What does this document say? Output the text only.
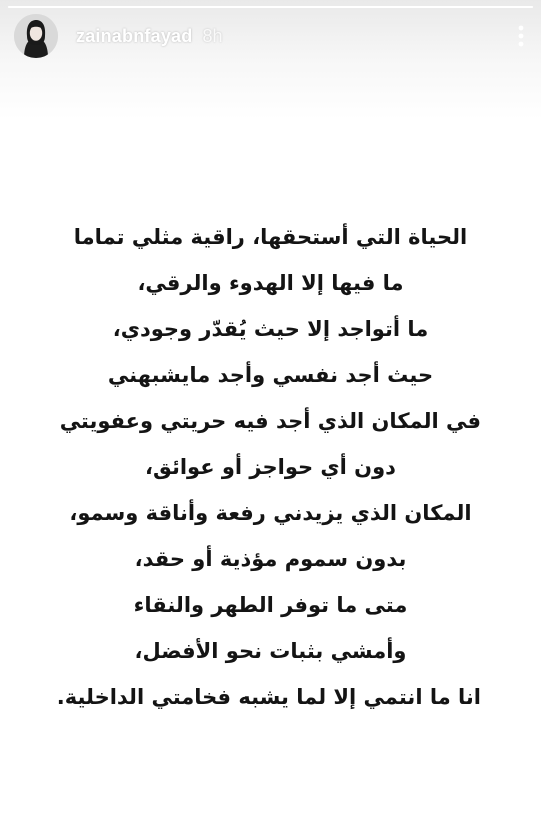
zainabnfayad 8h
الحياة التي أستحقها، راقية مثلي تماما
ما فيها إلا الهدوء والرقي،
ما أتواجد إلا حيث يُقدّر وجودي،
حيث أجد نفسي وأجد مايشبهني
في المكان الذي أجد فيه حريتي وعفويتي
دون أي حواجز أو عوائق،
المكان الذي يزيدني رفعة وأناقة وسمو،
بدون سموم مؤذية أو حقد،
متى ما توفر الطهر والنقاء
وأمشي بثبات نحو الأفضل،
انا ما انتمي إلا لما يشبه فخامتي الداخلية.
